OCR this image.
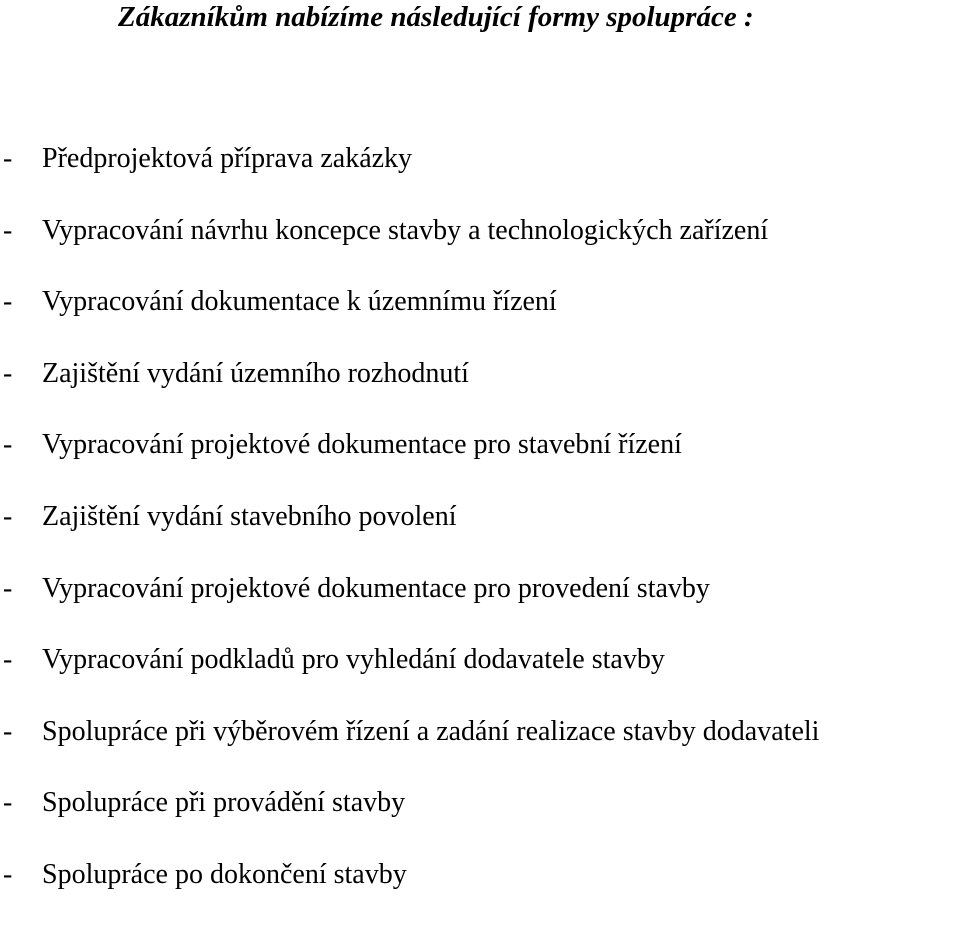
Zákazníkům nabízíme následující formy spolupráce :
- Předprojektová příprava zakázky
- Vypracování návrhu koncepce stavby a technologických zařízení
- Vypracování dokumentace k územnímu řízení
- Zajištění vydání územního rozhodnutí
- Vypracování projektové dokumentace pro stavební řízení
- Zajištění vydání stavebního povolení
- Vypracování projektové dokumentace pro provedení stavby
- Vypracování podkladů pro vyhledání dodavatele stavby
- Spolupráce při výběrovém řízení a zadání realizace stavby dodavateli
- Spolupráce při provádění stavby
- Spolupráce po dokončení stavby
